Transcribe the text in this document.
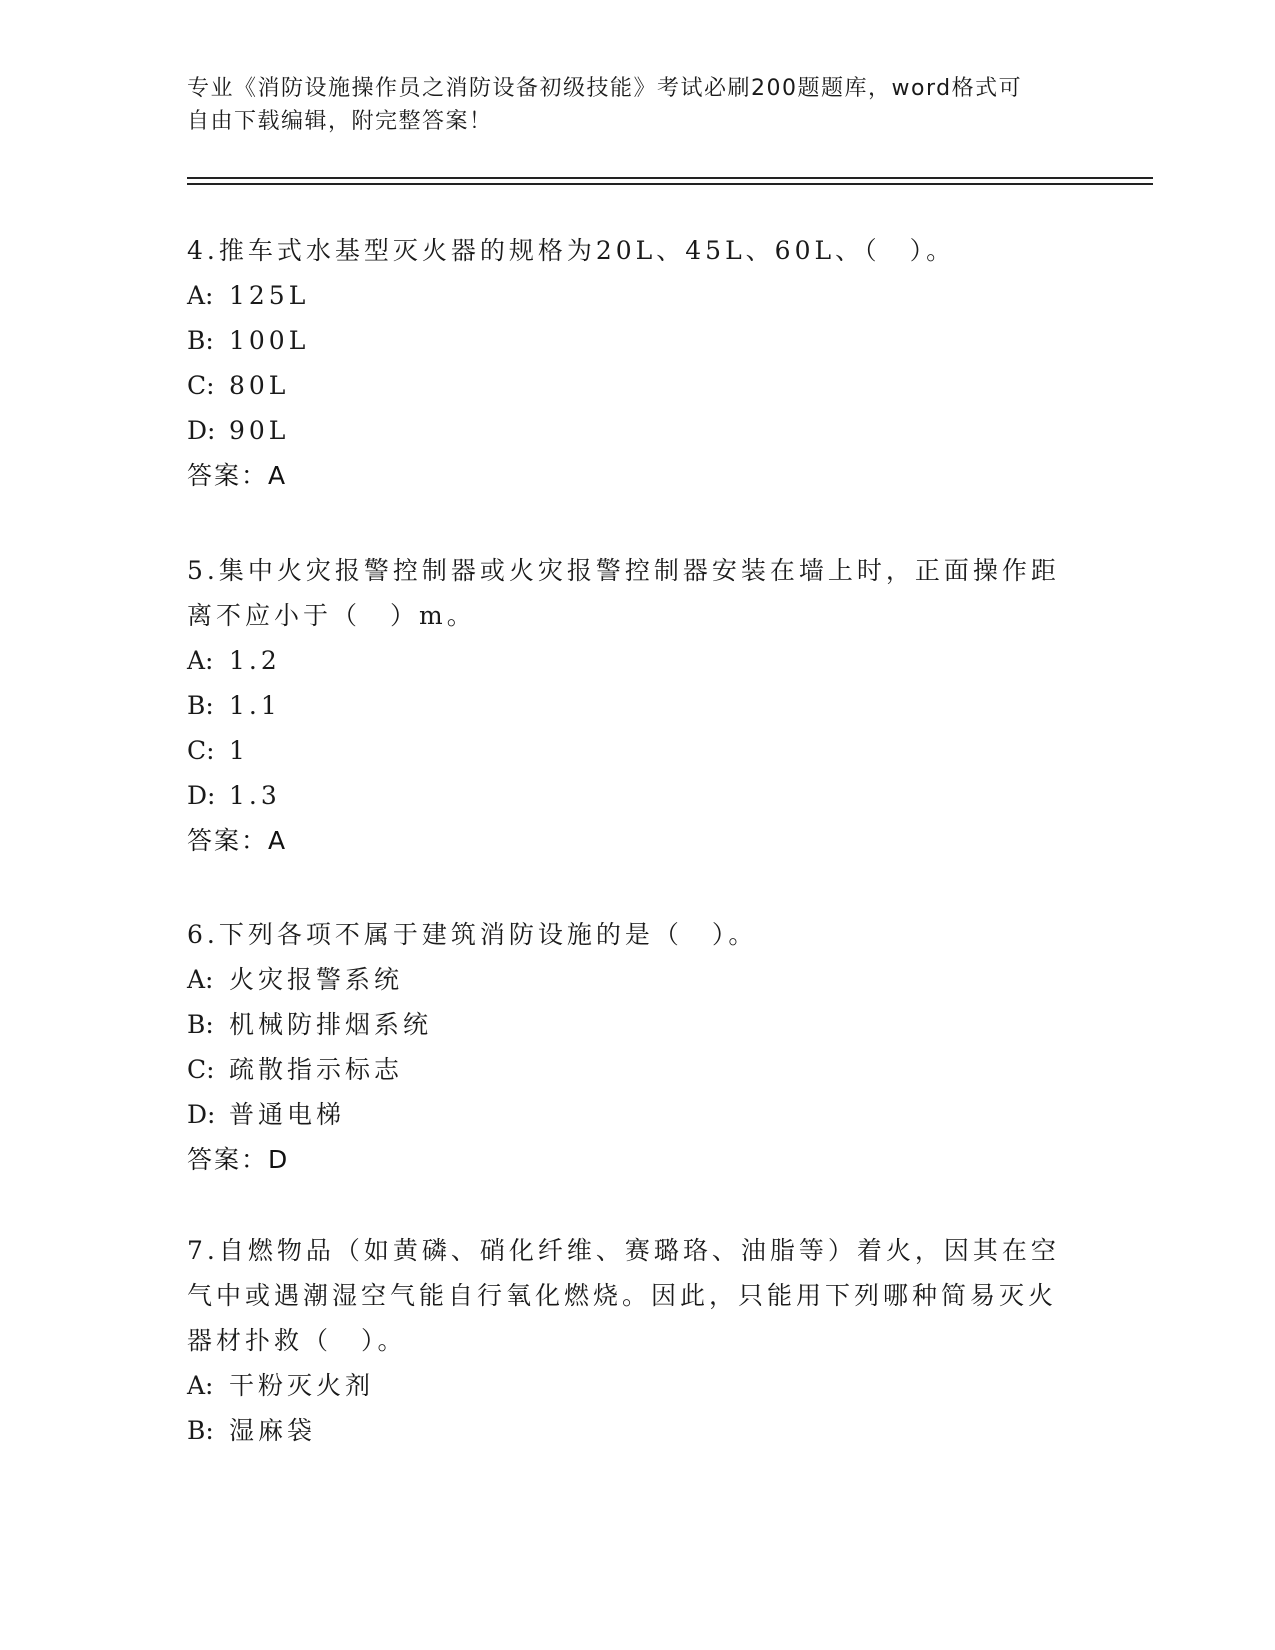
专业《消防设施操作员之消防设备初级技能》考试必刷200题题库，word格式可
自由下载编辑，附完整答案！
4.推车式水基型灭火器的规格为20L、45L、60L、（　）。
A: 125L
B: 100L
C: 80L
D: 90L
答案：A
5.集中火灾报警控制器或火灾报警控制器安装在墙上时，正面操作距
离不应小于（　）m。
A: 1.2
B: 1.1
C: 1
D: 1.3
答案：A
6.下列各项不属于建筑消防设施的是（　）。
A: 火灾报警系统
B: 机械防排烟系统
C: 疏散指示标志
D: 普通电梯
答案：D
7.自燃物品（如黄磷、硝化纤维、赛璐珞、油脂等）着火，因其在空
气中或遇潮湿空气能自行氧化燃烧。因此，只能用下列哪种简易灭火
器材扑救（　）。
A: 干粉灭火剂
B: 湿麻袋
